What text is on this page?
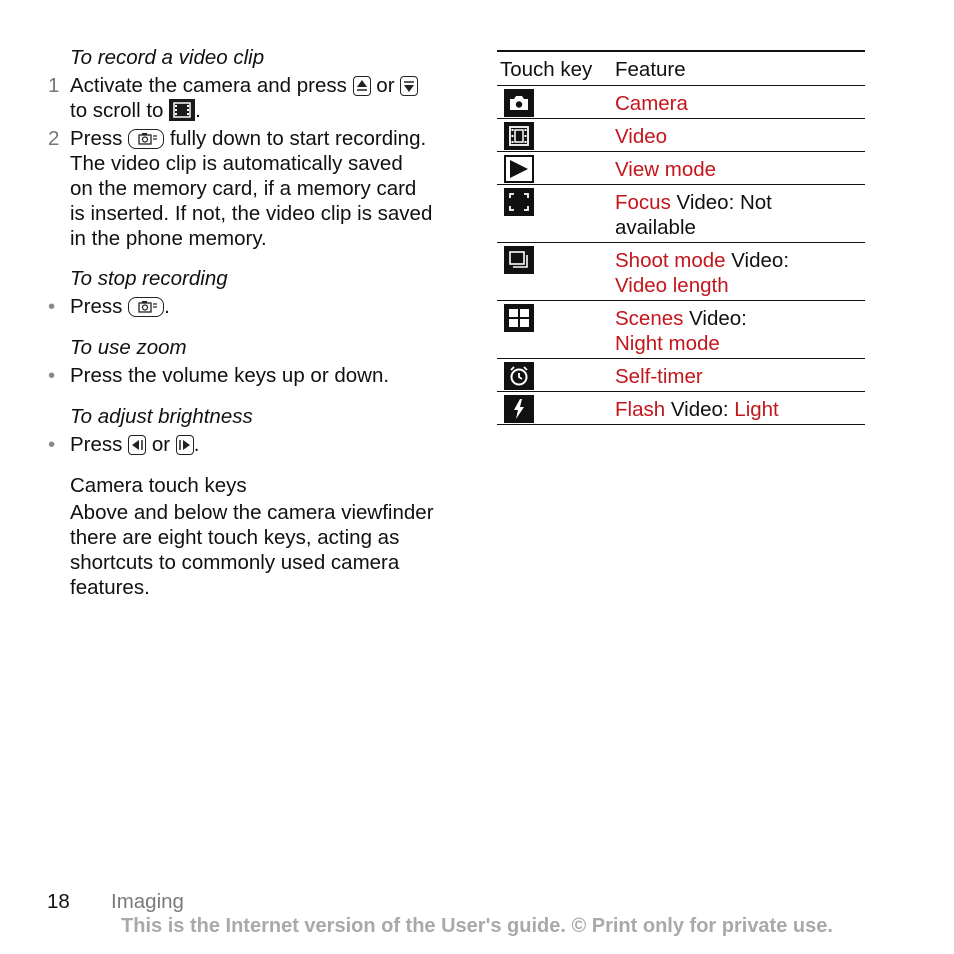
To record a video clip
1 Activate the camera and press or
to scroll to .
2 Press fully down to start recording.
The video clip is automatically saved
on the memory card, if a memory card
is inserted. If not, the video clip is saved
in the phone memory.
To stop recording
• Press .
To use zoom
• Press the volume keys up or down.
To adjust brightness
• Press or .
Camera touch keys
Above and below the camera viewfinder
there are eight touch keys, acting as
shortcuts to commonly used camera
features.
Touch key Feature
Camera
Video
View mode
Focus Video: Not
available
Shoot mode Video:
Video length
Scenes Video:
Night mode
Self-timer
Flash Video: Light
18 Imaging
This is the Internet version of the User's guide. © Print only for private use.
